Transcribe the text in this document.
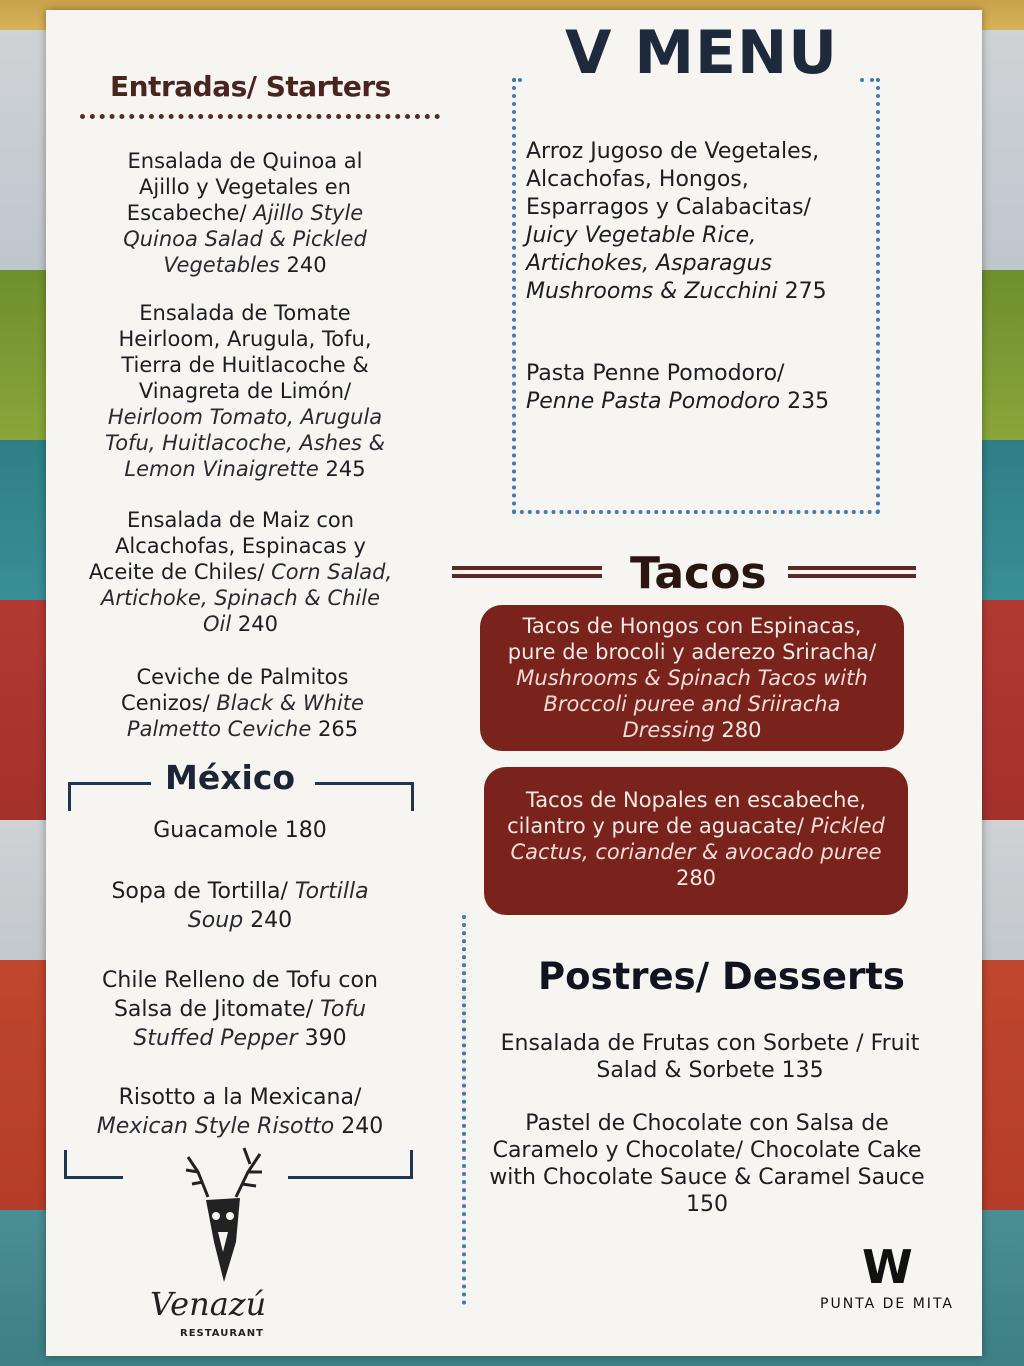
Entradas/ Starters
Ensalada de Quinoa al Ajillo y Vegetales en Escabeche/ Ajillo Style Quinoa Salad & Pickled Vegetables 240
Ensalada de Tomate Heirloom, Arugula, Tofu, Tierra de Huitlacoche & Vinagreta de Limón/ Heirloom Tomato, Arugula Tofu, Huitlacoche, Ashes & Lemon Vinaigrette 245
Ensalada de Maiz con Alcachofas, Espinacas y Aceite de Chiles/ Corn Salad, Artichoke, Spinach & Chile Oil 240
Ceviche de Palmitos Cenizos/ Black & White Palmetto Ceviche 265
V MENU
Arroz Jugoso de Vegetales, Alcachofas, Hongos, Esparragos y Calabacitas/ Juicy Vegetable Rice, Artichokes, Asparagus Mushrooms & Zucchini 275
Pasta Penne Pomodoro/ Penne Pasta Pomodoro 235
Tacos
Tacos de Hongos con Espinacas, pure de brocoli y aderezo Sriracha/ Mushrooms & Spinach Tacos with Broccoli puree and Sriiracha Dressing 280
Tacos de Nopales en escabeche, cilantro y pure de aguacate/ Pickled Cactus, coriander & avocado puree 280
México
Guacamole 180
Sopa de Tortilla/ Tortilla Soup 240
Chile Relleno de Tofu con Salsa de Jitomate/ Tofu Stuffed Pepper 390
Risotto a la Mexicana/ Mexican Style Risotto 240
Venazú
RESTAURANT
Postres/ Desserts
Ensalada de Frutas con Sorbete / Fruit Salad & Sorbete 135
Pastel de Chocolate con Salsa de Caramelo y Chocolate/ Chocolate Cake with Chocolate Sauce & Caramel Sauce 150
W
PUNTA DE MITA
